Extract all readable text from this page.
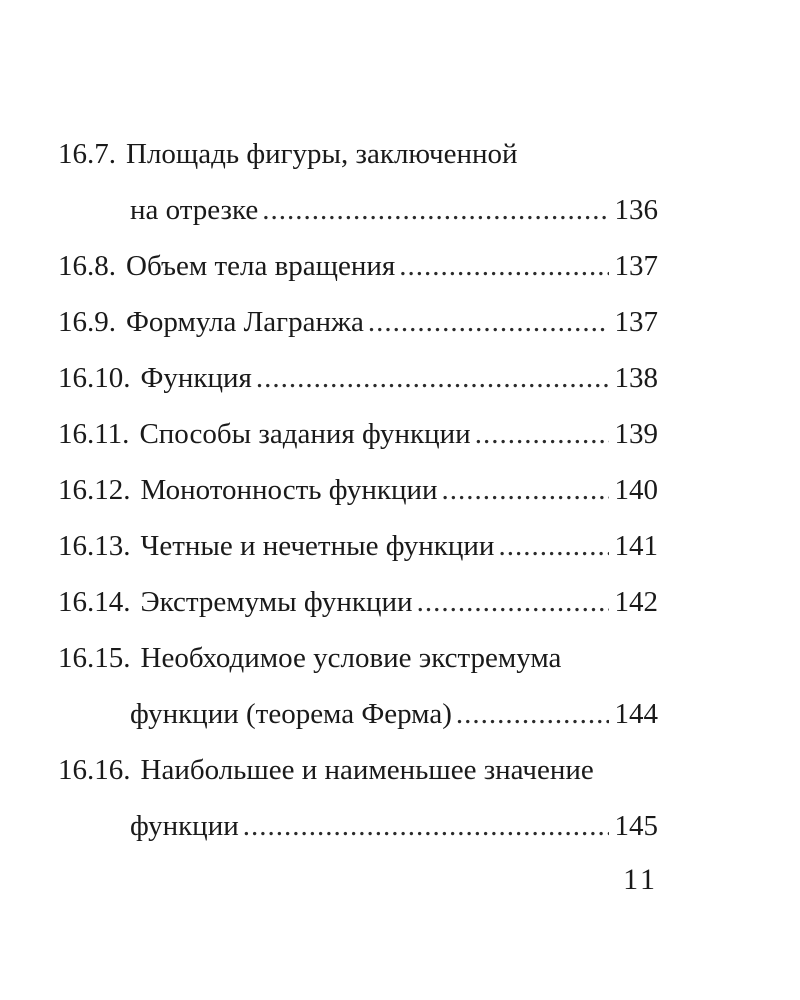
16.7. Площадь фигуры, заключенной
на отрезке .....	136
16.8. Объем тела вращения .....	137
16.9. Формула Лагранжа .....	137
16.10. Функция .....	138
16.11. Способы задания функции .....	139
16.12. Монотонность функции .....	140
16.13. Четные и нечетные функции .....	141
16.14. Экстремумы функции .....	142
16.15. Необходимое условие экстремума
функции (теорема Ферма) .....	144
16.16. Наибольшее и наименьшее значение
функции .....	145
11
